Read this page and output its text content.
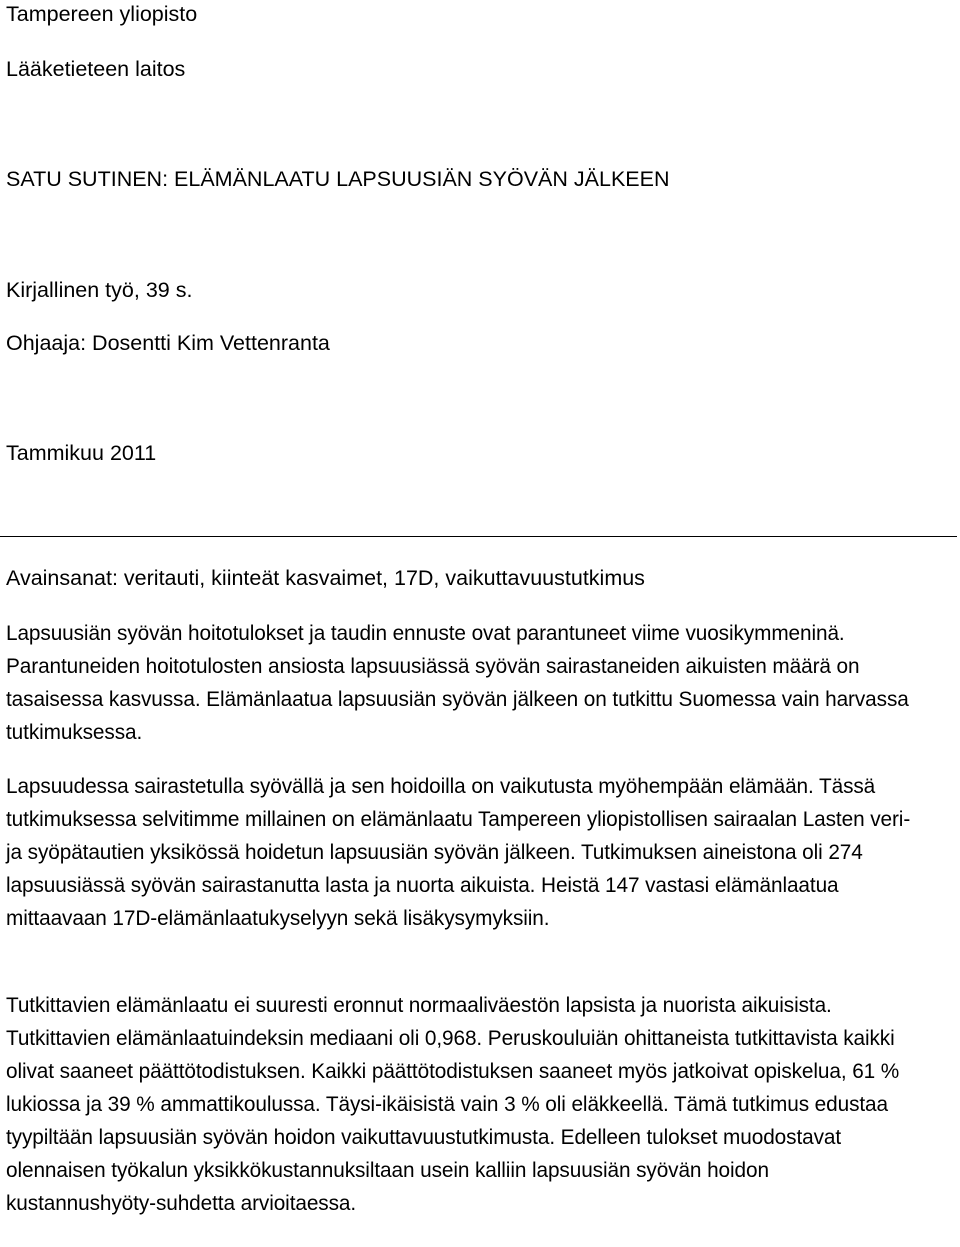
Tampereen yliopisto

Lääketieteen laitos

SATU SUTINEN: ELÄMÄNLAATU LAPSUUSIÄN SYÖVÄN JÄLKEEN

Kirjallinen työ, 39 s.

Ohjaaja: Dosentti Kim Vettenranta

Tammikuu 2011

Avainsanat: veritauti, kiinteät kasvaimet, 17D, vaikuttavuustutkimus

Lapsuusiän syövän hoitotulokset ja taudin ennuste ovat parantuneet viime vuosikymmeninä. Parantuneiden hoitotulosten ansiosta lapsuusiässä syövän sairastaneiden aikuisten määrä on tasaisessa kasvussa. Elämänlaatua lapsuusiän syövän jälkeen on tutkittu Suomessa vain harvassa tutkimuksessa.

Lapsuudessa sairastetulla syövällä ja sen hoidoilla on vaikutusta myöhempään elämään. Tässä tutkimuksessa selvitimme millainen on elämänlaatu Tampereen yliopistollisen sairaalan Lasten veri- ja syöpätautien yksikössä hoidetun lapsuusiän syövän jälkeen. Tutkimuksen aineistona oli 274 lapsuusiässä syövän sairastanutta lasta ja nuorta aikuista. Heistä 147 vastasi elämänlaatua mittaavaan 17D-elämänlaatukyselyyn sekä lisäkysymyksiin.

Tutkittavien elämänlaatu ei suuresti eronnut normaaliväestön lapsista ja nuorista aikuisista. Tutkittavien elämänlaatuindeksin mediaani oli 0,968. Peruskouluiän ohittaneista tutkittavista kaikki olivat saaneet päättötodistuksen. Kaikki päättötodistuksen saaneet myös jatkoivat opiskelua, 61 % lukiossa ja 39 % ammattikoulussa. Täysi-ikäisistä vain 3 % oli eläkkeellä. Tämä tutkimus edustaa tyypiltään lapsuusiän syövän hoidon vaikuttavuustutkimusta. Edelleen tulokset muodostavat olennaisen työkalun yksikkökustannuksiltaan usein kalliin lapsuusiän syövän hoidon kustannushyöty-suhdetta arvioitaessa.
